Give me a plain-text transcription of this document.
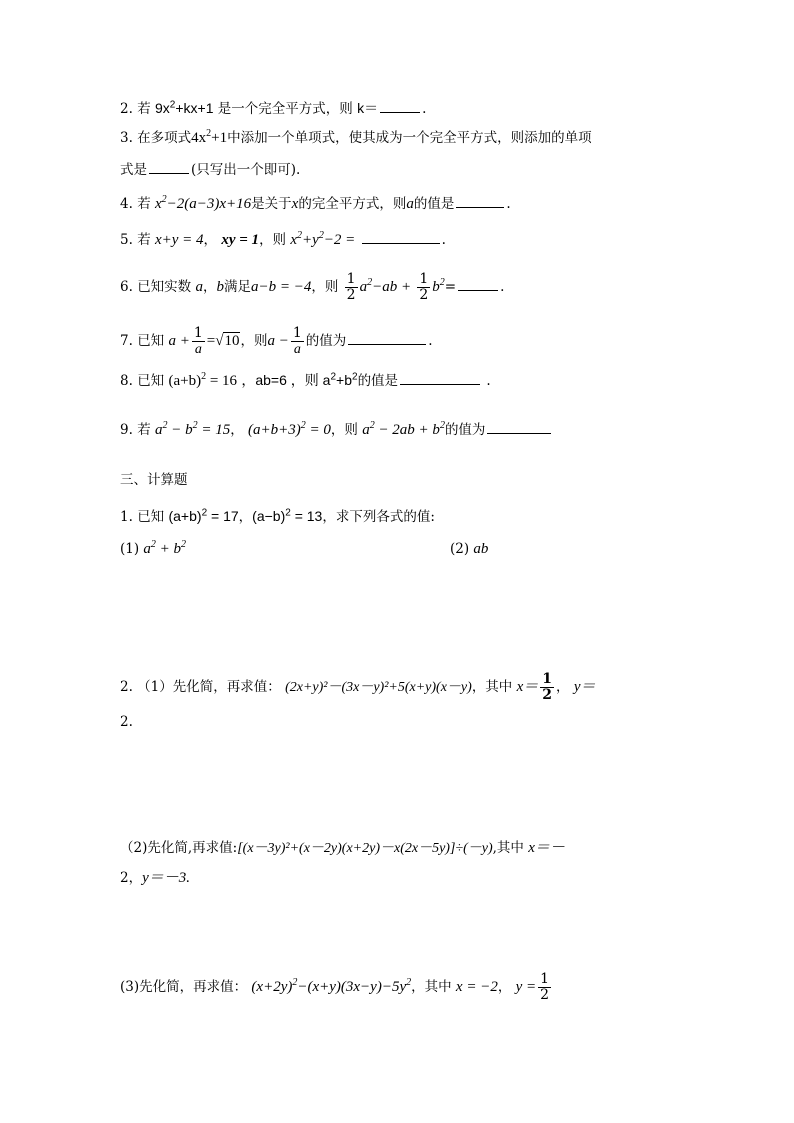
2. 若 $9x^2+kx+1$ 是一个完全平方式，则 k＝	.
3. 在多项式$4x^2+1$中添加一个单项式，使其成为一个完全平方式，则添加的单项
式是	(只写出一个即可).
4. 若 $x^2-2(a-3)x+16$是关于x的完全平方式，则a的值是	.
5. 若 x+y = 4， xy = 1，则 $x^2+y^2-2$ =	.
6. 已知实数 a，b满足a−b = −4，则 $\frac{1}{2} a^2-ab + \frac{1}{2} b^2=$	.
7. 已知 $a + \frac{1}{a} =√10$，则$a - \frac{1}{a}$ 的值为	.
8. 已知 $(a+b)^2 = 16$ ，ab=6 ，则 $a^2+b^2$的值是	.
9. 若 $a^2 - b^2 = 15$， $(a+b+3)^2 = 0$，则 $a^2 - 2ab + b^2$的值为
三、计算题
1. 已知 $(a+b)^2 = 17$，$(a-b)^2 = 13$，求下列各式的值:
(1) $a^2 + b^2$	(2) ab
2. （1）先化简，再求值： (2x+y)²－(3x－y)²+5(x+y)(x－y)，其中 $x= \frac{1}{2}$ ， y＝
2.
（2)先化简,再求值:[(x－3y)²+(x－2y)(x+2y)－x(2x－5y)]÷(－y),其中 x＝－
2，y＝－3.
(3)先化简，再求值： $(x+2y)^2-(x+y)(3x-y)-5y^2$，其中 x = −2， $y = \frac{1}{2}$
